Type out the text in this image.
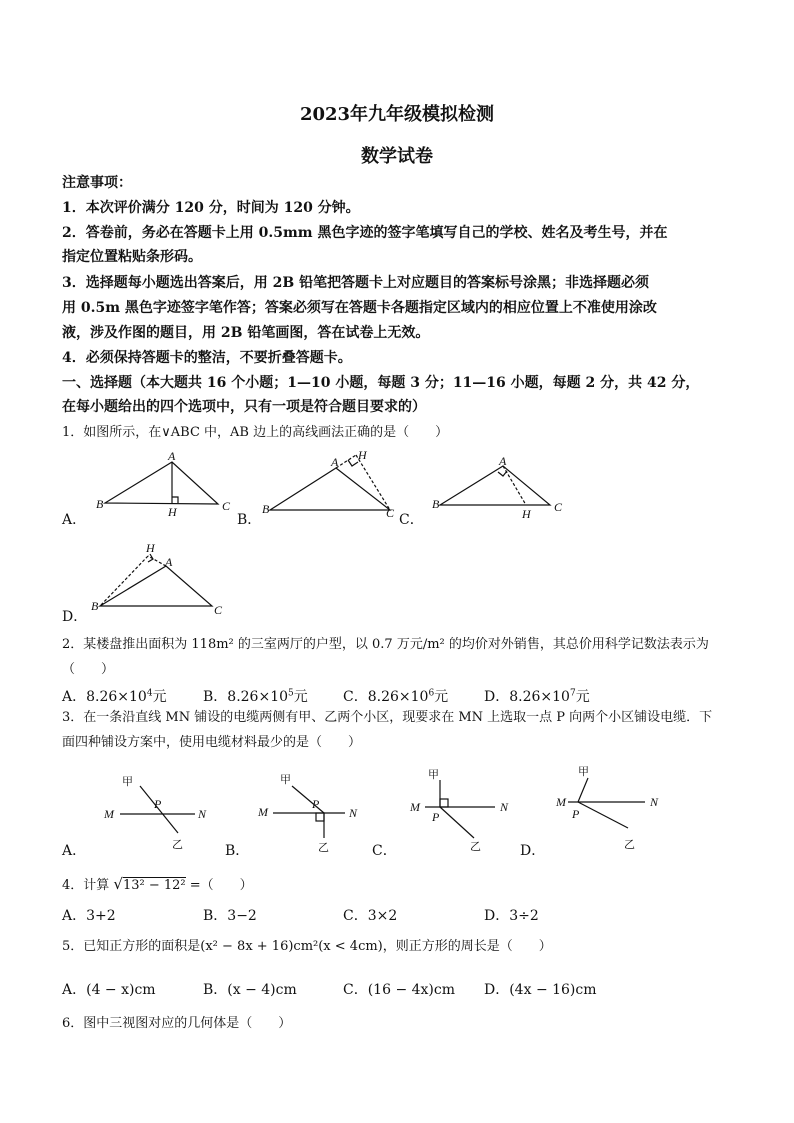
2023年九年级模拟检测
数学试卷
注意事项：
1．本次评价满分 120 分，时间为 120 分钟。
2．答卷前，务必在答题卡上用 0.5mm 黑色字迹的签字笔填写自己的学校、姓名及考生号，并在
指定位置粘贴条形码。
3．选择题每小题选出答案后，用 2B 铅笔把答题卡上对应题目的答案标号涂黑；非选择题必须
用 0.5m 黑色字迹签字笔作答；答案必须写在答题卡各题指定区域内的相应位置上不准使用涂改
液，涉及作图的题目，用 2B 铅笔画图，答在试卷上无效。
4．必须保持答题卡的整洁，不要折叠答题卡。
一、选择题（本大题共 16 个小题；1—10 小题，每题 3 分；11—16 小题，每题 2 分，共 42 分，
在每小题给出的四个选项中，只有一项是符合题目要求的）
1．如图所示，在∨ABC 中，AB 边上的高线画法正确的是（　　）
A
B
H	C
A H
B	C
A
B
H C
H
A
B	C
甲
M
P
N
乙
甲
M
P
N
乙
甲
M
P
N
乙
甲
M
P
N
乙
A．	B．	C．
D．
2．某楼盘推出面积为 118m² 的三室两厅的户型，以 0.7 万元/m² 的均价对外销售，其总价用科学记数法表示为
（　　）
A．$8.26\times 10^4$元	B．$8.26\times 10^5$元	C．$8.26\times 10^6$元	D．$8.26\times 10^7$元
3．在一条沿直线 MN 铺设的电缆两侧有甲、乙两个小区，现要求在 MN 上选取一点 P 向两个小区铺设电缆．下
面四种铺设方案中，使用电缆材料最少的是（　　）
A．	B．	C．	D．
4．计算 √13² − 12² =（　　）
A．3+2	B．3−2	C．3×2	D．3÷2
5．已知正方形的面积是(x² − 8x + 16)cm²(x < 4cm)，则正方形的周长是（　　）
A．(4 − x)cm	B．(x − 4)cm	C．(16 − 4x)cm D．(4x − 16)cm
6．图中三视图对应的几何体是（　　）
